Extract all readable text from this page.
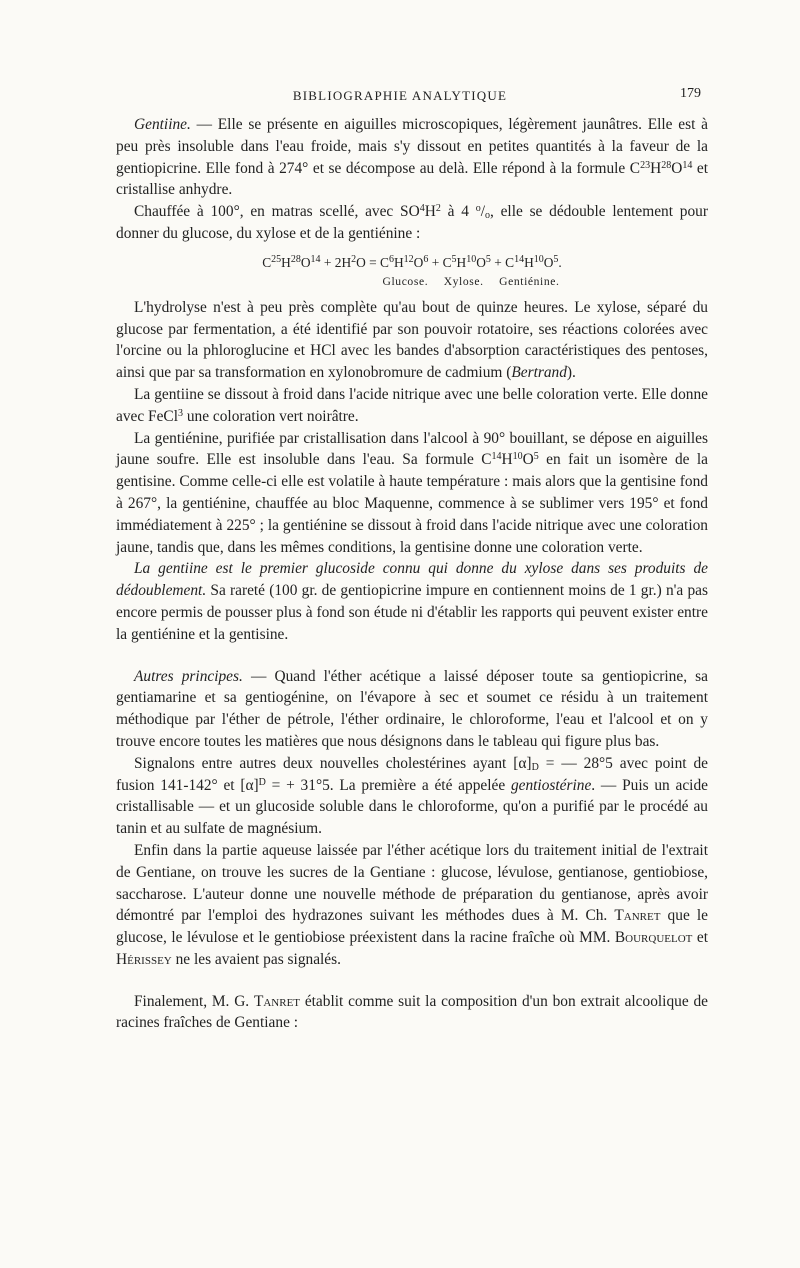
BIBLIOGRAPHIE ANALYTIQUE	179

Gentiine. — Elle se présente en aiguilles microscopiques, légèrement jaunâtres. Elle est à peu près insoluble dans l'eau froide, mais s'y dissout en petites quantités à la faveur de la gentiopicrine. Elle fond à 274° et se décompose au delà. Elle répond à la formule $C^{23}H^{28}O^{14}$ et cristallise anhydre.

Chauffée à 100°, en matras scellé, avec $SO^4H^2$ à 4 $^o/_o$, elle se dédouble lentement pour donner du glucose, du xylose et de la gentiénine :

$C^{25}H^{28}O^{14} + 2H^2O = C^6H^{12}O^6 + C^5H^{10}O^5 + C^{14}H^{10}O^5$.
Glucose. Xylose. Gentiénine.

L'hydrolyse n'est à peu près complète qu'au bout de quinze heures. Le xylose, séparé du glucose par fermentation, a été identifié par son pouvoir rotatoire, ses réactions colorées avec l'orcine ou la phloroglucine et HCl avec les bandes d'absorption caractéristiques des pentoses, ainsi que par sa transformation en xylonobromure de cadmium (Bertrand).

La gentiine se dissout à froid dans l'acide nitrique avec une belle coloration verte. Elle donne avec FeCl$^3$ une coloration vert noirâtre.

La gentiénine, purifiée par cristallisation dans l'alcool à 90° bouillant, se dépose en aiguilles jaune soufre. Elle est insoluble dans l'eau. Sa formule $C^{14}H^{10}O^5$ en fait un isomère de la gentisine. Comme celle-ci elle est volatile à haute température : mais alors que la gentisine fond à 267°, la gentiénine, chauffée au bloc Maquenne, commence à se sublimer vers 195° et fond immédiatement à 225° ; la gentiénine se dissout à froid dans l'acide nitrique avec une coloration jaune, tandis que, dans les mêmes conditions, la gentisine donne une coloration verte.

La gentiine est le premier glucoside connu qui donne du xylose dans ses produits de dédoublement. Sa rareté (100 gr. de gentiopicrine impure en contiennent moins de 1 gr.) n'a pas encore permis de pousser plus à fond son étude ni d'établir les rapports qui peuvent exister entre la gentiénine et la gentisine.

Autres principes. — Quand l'éther acétique a laissé déposer toute sa gentiopicrine, sa gentiamarine et sa gentiogénine, on l'évapore à sec et soumet ce résidu à un traitement méthodique par l'éther de pétrole, l'éther ordinaire, le chloroforme, l'eau et l'alcool et on y trouve encore toutes les matières que nous désignons dans le tableau qui figure plus bas.

Signalons entre autres deux nouvelles cholestérines ayant $[\alpha]_D$ = — 28°5 avec point de fusion 141-142° et $[\alpha]^D$ = + 31°5. La première a été appelée gentiostérine. — Puis un acide cristallisable — et un glucoside soluble dans le chloroforme, qu'on a purifié par le procédé au tanin et au sulfate de magnésium.

Enfin dans la partie aqueuse laissée par l'éther acétique lors du traitement initial de l'extrait de Gentiane, on trouve les sucres de la Gentiane : glucose, lévulose, gentianose, gentiobiose, saccharose. L'auteur donne une nouvelle méthode de préparation du gentianose, après avoir démontré par l'emploi des hydrazones suivant les méthodes dues à M. Ch. Tanret que le glucose, le lévulose et le gentiobiose préexistent dans la racine fraîche où MM. Bourquelot et Hérissey ne les avaient pas signalés.

Finalement, M. G. Tanret établit comme suit la composition d'un bon extrait alcoolique de racines fraîches de Gentiane :
